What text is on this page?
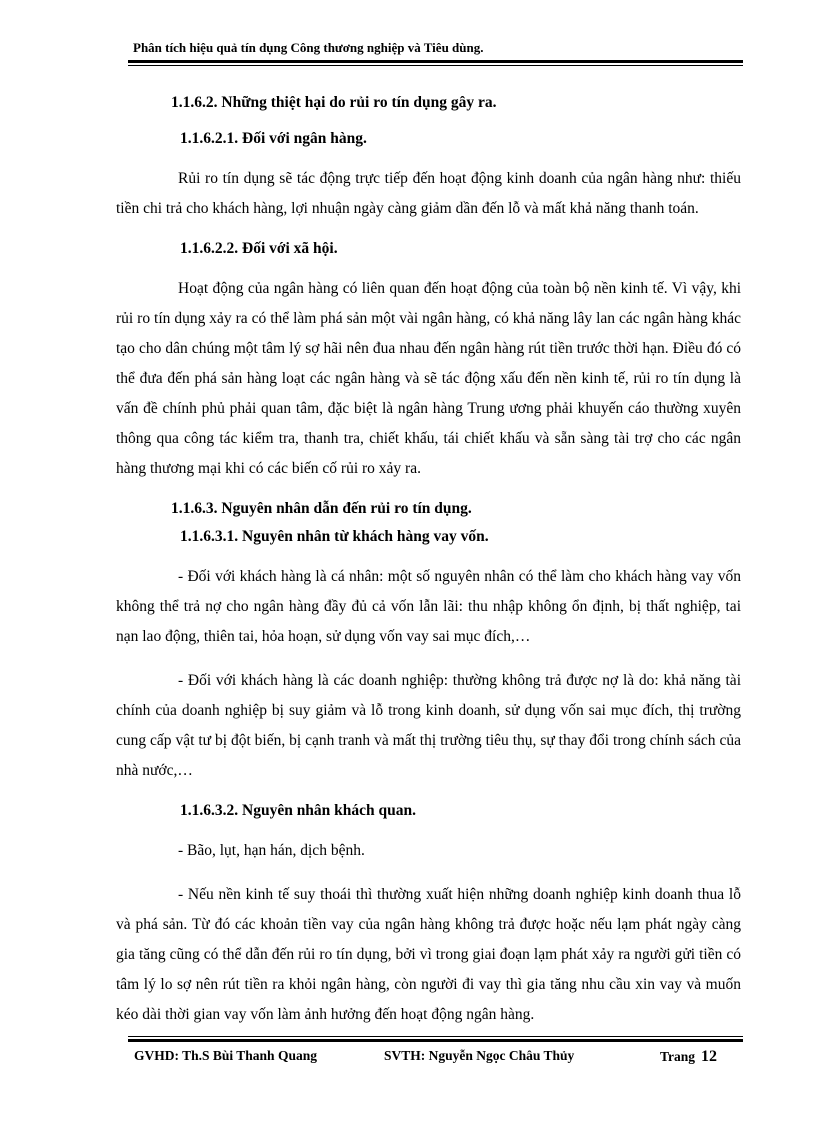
Phân tích hiệu quả tín dụng Công thương nghiệp và Tiêu dùng.
1.1.6.2. Những thiệt hại do rủi ro tín dụng gây ra.
1.1.6.2.1. Đối với ngân hàng.

Rủi ro tín dụng sẽ tác động trực tiếp đến hoạt động kinh doanh của ngân hàng như: thiếu tiền chi trả cho khách hàng, lợi nhuận ngày càng giảm dần đến lỗ và mất khả năng thanh toán.

1.1.6.2.2. Đối với xã hội.

Hoạt động của ngân hàng có liên quan đến hoạt động của toàn bộ nền kinh tế. Vì vậy, khi rủi ro tín dụng xảy ra có thể làm phá sản một vài ngân hàng, có khả năng lây lan các ngân hàng khác tạo cho dân chúng một tâm lý sợ hãi nên đua nhau đến ngân hàng rút tiền trước thời hạn. Điều đó có thể đưa đến phá sản hàng loạt các ngân hàng và sẽ tác động xấu đến nền kinh tế, rủi ro tín dụng là vấn đề chính phủ phải quan tâm, đặc biệt là ngân hàng Trung ương phải khuyến cáo thường xuyên thông qua công tác kiểm tra, thanh tra, chiết khấu, tái chiết khấu và sẵn sàng tài trợ cho các ngân hàng thương mại khi có các biến cố rủi ro xảy ra.

1.1.6.3. Nguyên nhân dẫn đến rủi ro tín dụng.
1.1.6.3.1. Nguyên nhân từ khách hàng vay vốn.

- Đối với khách hàng là cá nhân: một số nguyên nhân có thể làm cho khách hàng vay vốn không thể trả nợ cho ngân hàng đầy đủ cả vốn lẫn lãi: thu nhập không ổn định, bị thất nghiệp, tai nạn lao động, thiên tai, hỏa hoạn, sử dụng vốn vay sai mục đích,…

- Đối với khách hàng là các doanh nghiệp: thường không trả được nợ là do: khả năng tài chính của doanh nghiệp bị suy giảm và lỗ trong kinh doanh, sử dụng vốn sai mục đích, thị trường cung cấp vật tư bị đột biến, bị cạnh tranh và mất thị trường tiêu thụ, sự thay đổi trong chính sách của nhà nước,…

1.1.6.3.2. Nguyên nhân khách quan.

- Bão, lụt, hạn hán, dịch bệnh.

- Nếu nền kinh tế suy thoái thì thường xuất hiện những doanh nghiệp kinh doanh thua lỗ và phá sản. Từ đó các khoản tiền vay của ngân hàng không trả được hoặc nếu lạm phát ngày càng gia tăng cũng có thể dẫn đến rủi ro tín dụng, bởi vì trong giai đoạn lạm phát xảy ra người gửi tiền có tâm lý lo sợ nên rút tiền ra khỏi ngân hàng, còn người đi vay thì gia tăng nhu cầu xin vay và muốn kéo dài thời gian vay vốn làm ảnh hưởng đến hoạt động ngân hàng.

GVHD: Th.S Bùi Thanh Quang	SVTH: Nguyễn Ngọc Châu Thủy	Trang 12
